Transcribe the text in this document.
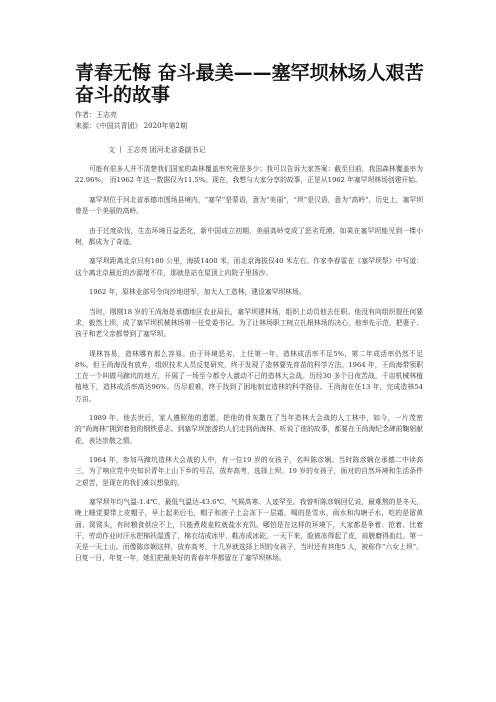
青春无悔 奋斗最美——塞罕坝林场人艰苦奋斗的故事
作者：王志亮
来源：《中国共青团》 2020年第2期
文 丨 王志亮 团河北省委副书记

可能有很多人并不清楚我们国家的森林覆盖率究竟是多少；我可以告诉大家答案：截至目前，我国森林覆盖率为22.96%， 而1962 年这一数据仅为11.5%。现在，我想与大家分享的故事，正是从1962 年塞罕坝林场创建开始。

塞罕坝位于河北省承德市围场县境内，“塞罕”是蒙语，意为“美丽”，“坝”是汉语，意为“高岭”，历史上，塞罕坝曾是一个美丽的高岭。

由于过度砍伐，生态环境日益恶化，新中国成立初期，美丽高岭变成了恶劣荒漠，如果在塞罕坝能见到一棵小树，都成为了奇迹。

塞罕坝距离北京只有180 公里，海拔1400 米，而北京海拔仅40 米左右。作家李春雷在《塞罕坝祭》中写道：这个离北京最近的沙源堵不住，那就是站在屋顶上向院子里扬沙。

1962 年，原林业部号令向沙地进军，加大人工造林，建设塞罕坝林场。

当时，刚刚18 岁的王尚海是承德地区农业局长，塞罕坝建林场，组织上动员他去任职。他没有向组织提任何要求，毅然上坝，成了塞罕坝机械林场第一任党委书记。为了让林场职工树立扎根林场的决心，他率先示范，把妻子、孩子和老父亲都带到了塞罕坝。

现林容易，造林哪有那么容易。由于环境恶劣，上任第一年，造林成活率不足5%，第二年成活率仍然不足8%。但王尚海没有放弃，组织技术人员反复研究，终于发现了造林要先育苗的科学方法。1964 年，王尚海带领职工在一个叫做马蹄坑的地方，开展了一场至今都令人激动不已的造林大会战。历经30 多个日夜苦战，千亩机械林植植地下，造林成活率高达96%。历尽艰难，终于找到了困地制宜造林的科学路径。王尚海在任13 年，完成造林54 万亩。

1989 年，他去世后，家人遵照他的遗愿，把他的骨灰撒在了当年造林大会战的人工林中，如今，一片茂密的“尚海林”拥到着他的钢铁意志。到塞罕坝旅游的人们走到尚海林，听说了他的故事，都要在王尚海纪念碑前鞠躬献花，表达崇敬之情。

1964 年，参加马蹄坑造林大会战的人中，有一位19 岁的女孩子，名叫陈彦娴。当时陈彦娴在承德二中读高三，为了响应党中央知识青年上山下乡的号召，放弃高考，选择上坝。19 岁的女孩子，面对的自然环境和生活条件之艰苦，是现在的我们难以想象的。

塞罕坝年均气温-1.4℃，最低气温达-43.6℃，气候高寒、人迹罕至。我曾听陈彦娴回忆说，最难熬的是冬天，晚上睡觉要带上皮帽子，早上起来后毛，帽子和被子上会冻下一层霜，喝的是雪水、雨水和沟塘子水，吃的是留黄面、窝窝头，有时粮食供应不上，只能煮莜麦粒就盐水充饥。哪怕是在这样的环境下，大家都是争着、抢着、比着干，劳动作业时汗水把棉袄湿透了，棉衣结成冰甲，鞋冻成冰砣，一天下来，脸被冻得起了皮，肩膀磨得血红。第一天是一天上山。而像陈彦娴这样，放弃高考，十几岁就选择上坝的女孩子，当时还有其他5 人，被称作“六女上坝”。日复一日，年复一年，她们把最美好的青春年华都留在了塞罕坝林场。
